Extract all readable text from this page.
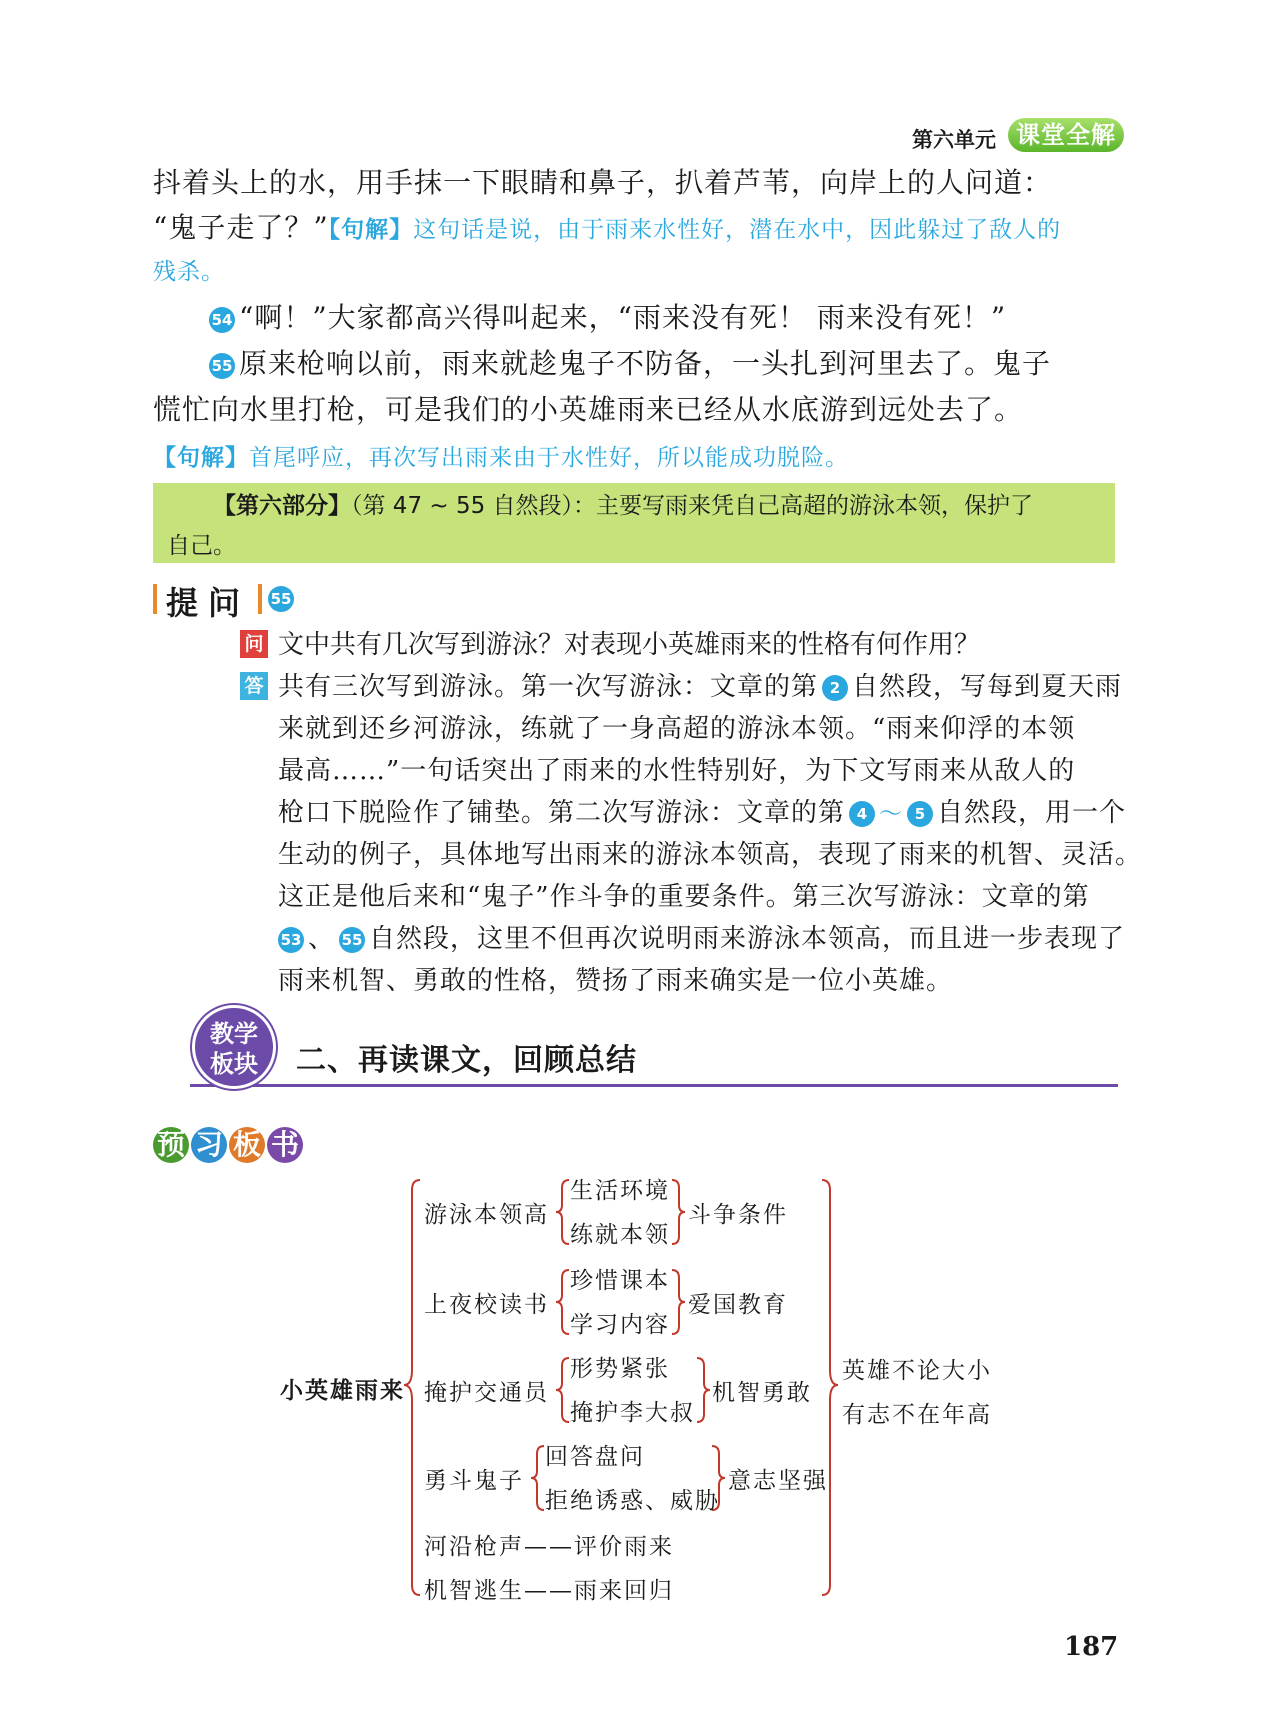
第六单元 课堂全解
抖着头上的水，用手抹一下眼睛和鼻子，扒着芦苇，向岸上的人问道：
“鬼子走了？”【句解】这句话是说，由于雨来水性好，潜在水中，因此躲过了敌人的
残杀。
54 “啊！”大家都高兴得叫起来，“雨来没有死！ 雨来没有死！”
55 原来枪响以前，雨来就趁鬼子不防备，一头扎到河里去了。鬼子
慌忙向水里打枪，可是我们的小英雄雨来已经从水底游到远处去了。
【句解】首尾呼应，再次写出雨来由于水性好，所以能成功脱险。
【第六部分】（第 47 ~ 55 自然段）：主要写雨来凭自己高超的游泳本领，保护了
自己。
提问 55
问 文中共有几次写到游泳？对表现小英雄雨来的性格有何作用？
答 共有三次写到游泳。第一次写游泳：文章的第 2 自然段，写每到夏天雨
来就到还乡河游泳，练就了一身高超的游泳本领。“雨来仰浮的本领
最高……”一句话突出了雨来的水性特别好，为下文写雨来从敌人的
枪口下脱险作了铺垫。第二次写游泳：文章的第 4 ～ 5 自然段，用一个
生动的例子，具体地写出雨来的游泳本领高，表现了雨来的机智、灵活。
这正是他后来和“鬼子”作斗争的重要条件。第三次写游泳：文章的第
53 、 55 自然段，这里不但再次说明雨来游泳本领高，而且进一步表现了
雨来机智、勇敢的性格，赞扬了雨来确实是一位小英雄。
教学
板块	二、再读课文，回顾总结
预 习 板 书
小英雄雨来
游泳本领高
生活环境
练就本领
斗争条件
上夜校读书
珍惜课本
学习内容
爱国教育
掩护交通员
形势紧张
掩护李大叔
机智勇敢
勇斗鬼子
回答盘问
拒绝诱惑、威胁
意志坚强
河沿枪声——评价雨来
机智逃生——雨来回归
英雄不论大小
有志不在年高
187
